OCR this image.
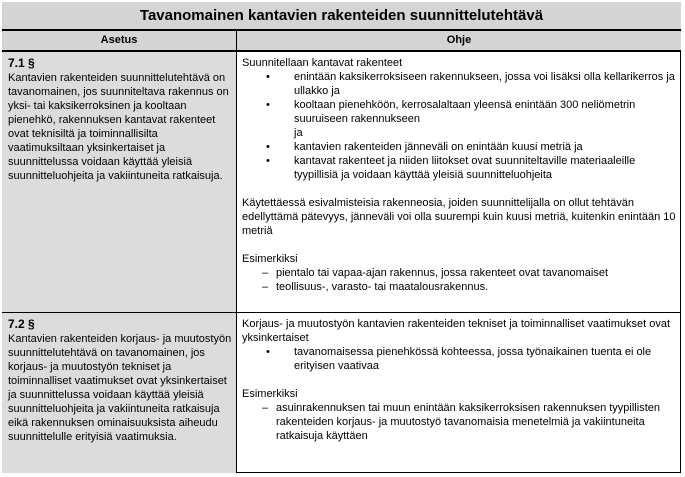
Tavanomainen kantavien rakenteiden suunnittelutehtävä
Asetus	Ohje
7.1 §
Kantavien rakenteiden suunnittelutehtävä on tavanomainen, jos suunniteltava rakennus on yksi- tai kaksikerroksinen ja kooltaan pienehkö, rakennuksen kantavat rakenteet ovat teknisiltä ja toiminnallisilta vaatimuksiltaan yksinkertaiset ja suunnittelussa voidaan käyttää yleisiä suunnitteluohjeita ja vakiintuneita ratkaisuja.
Suunnitellaan kantavat rakenteet
• enintään kaksikerroksiseen rakennukseen, jossa voi lisäksi olla kellarikerros ja ullakko ja
• kooltaan pienehköön, kerrosalaltaan yleensä enintään 300 neliömetrin suuruiseen rakennukseen
ja
• kantavien rakenteiden jänneväli on enintään kuusi metriä ja
• kantavat rakenteet ja niiden liitokset ovat suunniteltaville materiaaleille tyypillisiä ja voidaan käyttää yleisiä suunnitteluohjeita
Käytettäessä esivalmisteisia rakenneosia, joiden suunnittelijalla on ollut tehtävän edellyttämä pätevyys, jänneväli voi olla suurempi kuin kuusi metriä, kuitenkin enintään 10 metriä
Esimerkiksi
– pientalo tai vapaa-ajan rakennus, jossa rakenteet ovat tavanomaiset
– teollisuus-, varasto- tai maatalousrakennus.
7.2 §
Kantavien rakenteiden korjaus- ja muutostyön suunnittelutehtävä on tavanomainen, jos korjaus- ja muutostyön tekniset ja toiminnalliset vaatimukset ovat yksinkertaiset ja suunnittelussa voidaan käyttää yleisiä suunnitteluohjeita ja vakiintuneita ratkaisuja eikä rakennuksen ominaisuuksista aiheudu suunnittelulle erityisiä vaatimuksia.
Korjaus- ja muutostyön kantavien rakenteiden tekniset ja toiminnalliset vaatimukset ovat yksinkertaiset
• tavanomaisessa pienehkössä kohteessa, jossa työnaikainen tuenta ei ole erityisen vaativaa
Esimerkiksi
– asuinrakennuksen tai muun enintään kaksikerroksisen rakennuksen tyypillisten rakenteiden korjaus- ja muutostyö tavanomaisia menetelmiä ja vakiintuneita ratkaisuja käyttäen
